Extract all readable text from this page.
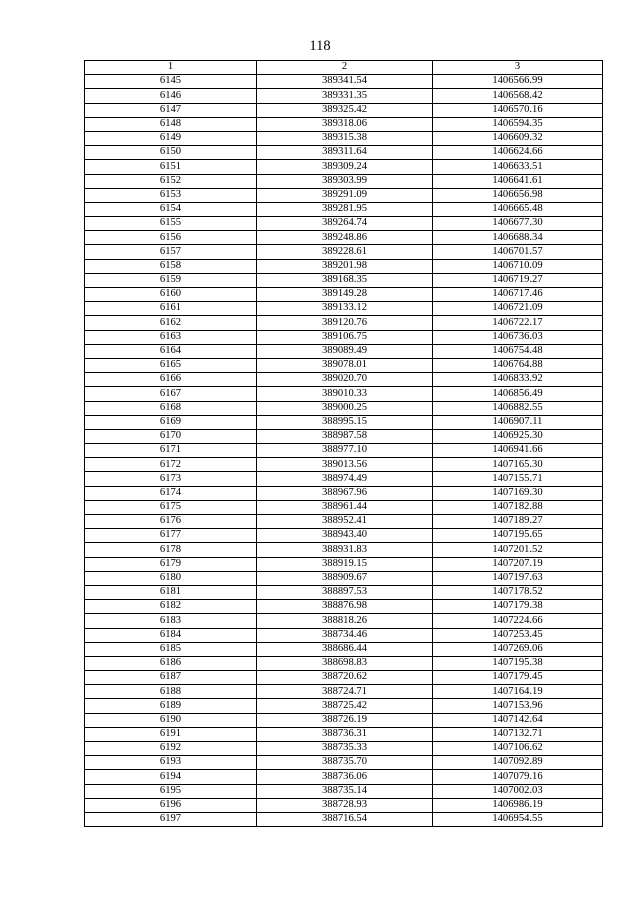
118
1	2	3
6145	389341.54	1406566.99
6146	389331.35	1406568.42
6147	389325.42	1406570.16
6148	389318.06	1406594.35
6149	389315.38	1406609.32
6150	389311.64	1406624.66
6151	389309.24	1406633.51
6152	389303.99	1406641.61
6153	389291.09	1406656.98
6154	389281.95	1406665.48
6155	389264.74	1406677.30
6156	389248.86	1406688.34
6157	389228.61	1406701.57
6158	389201.98	1406710.09
6159	389168.35	1406719.27
6160	389149.28	1406717.46
6161	389133.12	1406721.09
6162	389120.76	1406722.17
6163	389106.75	1406736.03
6164	389089.49	1406754.48
6165	389078.01	1406764.88
6166	389020.70	1406833.92
6167	389010.33	1406856.49
6168	389000.25	1406882.55
6169	388995.15	1406907.11
6170	388987.58	1406925.30
6171	388977.10	1406941.66
6172	389013.56	1407165.30
6173	388974.49	1407155.71
6174	388967.96	1407169.30
6175	388961.44	1407182.88
6176	388952.41	1407189.27
6177	388943.40	1407195.65
6178	388931.83	1407201.52
6179	388919.15	1407207.19
6180	388909.67	1407197.63
6181	388897.53	1407178.52
6182	388876.98	1407179.38
6183	388818.26	1407224.66
6184	388734.46	1407253.45
6185	388686.44	1407269.06
6186	388698.83	1407195.38
6187	388720.62	1407179.45
6188	388724.71	1407164.19
6189	388725.42	1407153.96
6190	388726.19	1407142.64
6191	388736.31	1407132.71
6192	388735.33	1407106.62
6193	388735.70	1407092.89
6194	388736.06	1407079.16
6195	388735.14	1407002.03
6196	388728.93	1406986.19
6197	388716.54	1406954.55
